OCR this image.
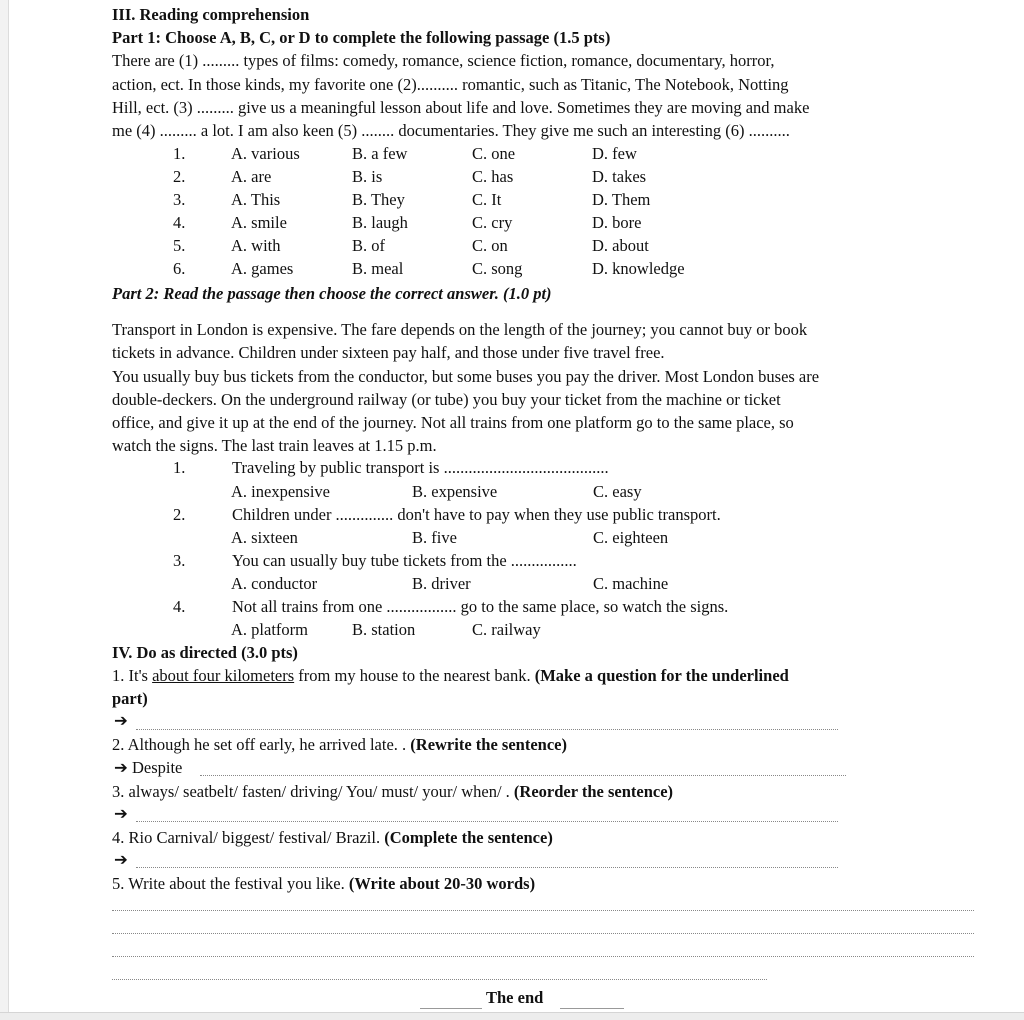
III. Reading comprehension
Part 1: Choose A, B, C, or D to complete the following passage (1.5 pts)
There are (1) ......... types of films: comedy, romance, science fiction, romance, documentary, horror,
action, ect. In those kinds, my favorite one (2).......... romantic, such as Titanic, The Notebook, Notting
Hill, ect. (3) ......... give us a meaningful lesson about life and love. Sometimes they are moving and make
me (4) ......... a lot. I am also keen (5) ........ documentaries. They give me such an interesting (6) ..........
1.	A. various	B. a few	C. one	D. few
2.	A. are	B. is	C. has	D. takes
3.	A. This	B. They	C. It	D. Them
4.	A. smile	B. laugh	C. cry	D. bore
5.	A. with	B. of	C. on	D. about
6.	A. games	B. meal	C. song	D. knowledge
Part 2: Read the passage then choose the correct answer. (1.0 pt)
Transport in London is expensive. The fare depends on the length of the journey; you cannot buy or book
tickets in advance. Children under sixteen pay half, and those under five travel free.
You usually buy bus tickets from the conductor, but some buses you pay the driver. Most London buses are
double-deckers. On the underground railway (or tube) you buy your ticket from the machine or ticket
office, and give it up at the end of the journey. Not all trains from one platform go to the same place, so
watch the signs. The last train leaves at 1.15 p.m.
1.	Traveling by public transport is ........................................
A. inexpensive	B. expensive	C. easy
2.	Children under .............. don't have to pay when they use public transport.
A. sixteen	B. five	C. eighteen
3.	You can usually buy tube tickets from the ................
A. conductor	B. driver	C. machine
4.	Not all trains from one ................. go to the same place, so watch the signs.
A. platform	B. station	C. railway
IV. Do as directed (3.0 pts)
1. It's about four kilometers from my house to the nearest bank. (Make a question for the underlined
part)
➔
2. Although he set off early, he arrived late. . (Rewrite the sentence)
➔ Despite
3. always/ seatbelt/ fasten/ driving/ You/ must/ your/ when/ . (Reorder the sentence)
➔
4. Rio Carnival/ biggest/ festival/ Brazil. (Complete the sentence)
➔
5. Write about the festival you like. (Write about 20-30 words)
The end
